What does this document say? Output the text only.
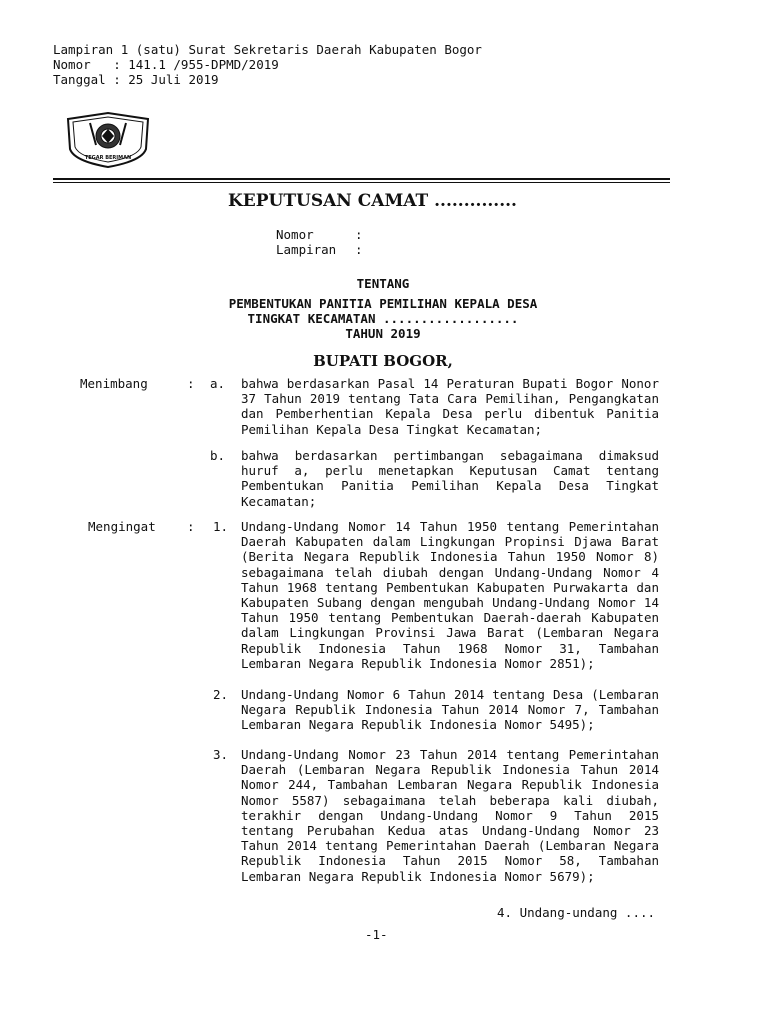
Lampiran 1 (satu) Surat Sekretaris Daerah Kabupaten Bogor
Nomor   : 141.1 /955-DPMD/2019
Tanggal : 25 Juli 2019
TEGAR BERIMAN
KEPUTUSAN CAMAT ..............
Nomor	:
Lampiran :
TENTANG
PEMBENTUKAN PANITIA PEMILIHAN KEPALA DESA
TINGKAT KECAMATAN ..................
TAHUN 2019
BUPATI BOGOR,
Menimbang	: a. bahwa berdasarkan Pasal 14 Peraturan Bupati Bogor Nonor 37 Tahun 2019 tentang Tata Cara Pemilihan, Pengangkatan dan Pemberhentian Kepala Desa perlu dibentuk Panitia Pemilihan Kepala Desa Tingkat Kecamatan;
b. bahwa berdasarkan pertimbangan sebagaimana dimaksud huruf a, perlu menetapkan Keputusan Camat tentang Pembentukan Panitia Pemilihan Kepala Desa Tingkat Kecamatan;
Mengingat	: 1. Undang-Undang Nomor 14 Tahun 1950 tentang Pemerintahan Daerah Kabupaten dalam Lingkungan Propinsi Djawa Barat (Berita Negara Republik Indonesia Tahun 1950 Nomor 8) sebagaimana telah diubah dengan Undang-Undang Nomor 4 Tahun 1968 tentang Pembentukan Kabupaten Purwakarta dan Kabupaten Subang dengan mengubah Undang-Undang Nomor 14 Tahun 1950 tentang Pembentukan Daerah-daerah Kabupaten dalam Lingkungan Provinsi Jawa Barat (Lembaran Negara Republik Indonesia Tahun 1968 Nomor 31, Tambahan Lembaran Negara Republik Indonesia Nomor 2851);
2. Undang-Undang Nomor 6 Tahun 2014 tentang Desa (Lembaran Negara Republik Indonesia Tahun 2014 Nomor 7, Tambahan Lembaran Negara Republik Indonesia Nomor 5495);
3. Undang-Undang Nomor 23 Tahun 2014 tentang Pemerintahan Daerah (Lembaran Negara Republik Indonesia Tahun 2014 Nomor 244, Tambahan Lembaran Negara Republik Indonesia Nomor 5587) sebagaimana telah beberapa kali diubah, terakhir dengan Undang-Undang Nomor 9 Tahun 2015 tentang Perubahan Kedua atas Undang-Undang Nomor 23 Tahun 2014 tentang Pemerintahan Daerah (Lembaran Negara Republik Indonesia Tahun 2015 Nomor 58, Tambahan Lembaran Negara Republik Indonesia Nomor 5679);
4. Undang-undang ....
-1-
